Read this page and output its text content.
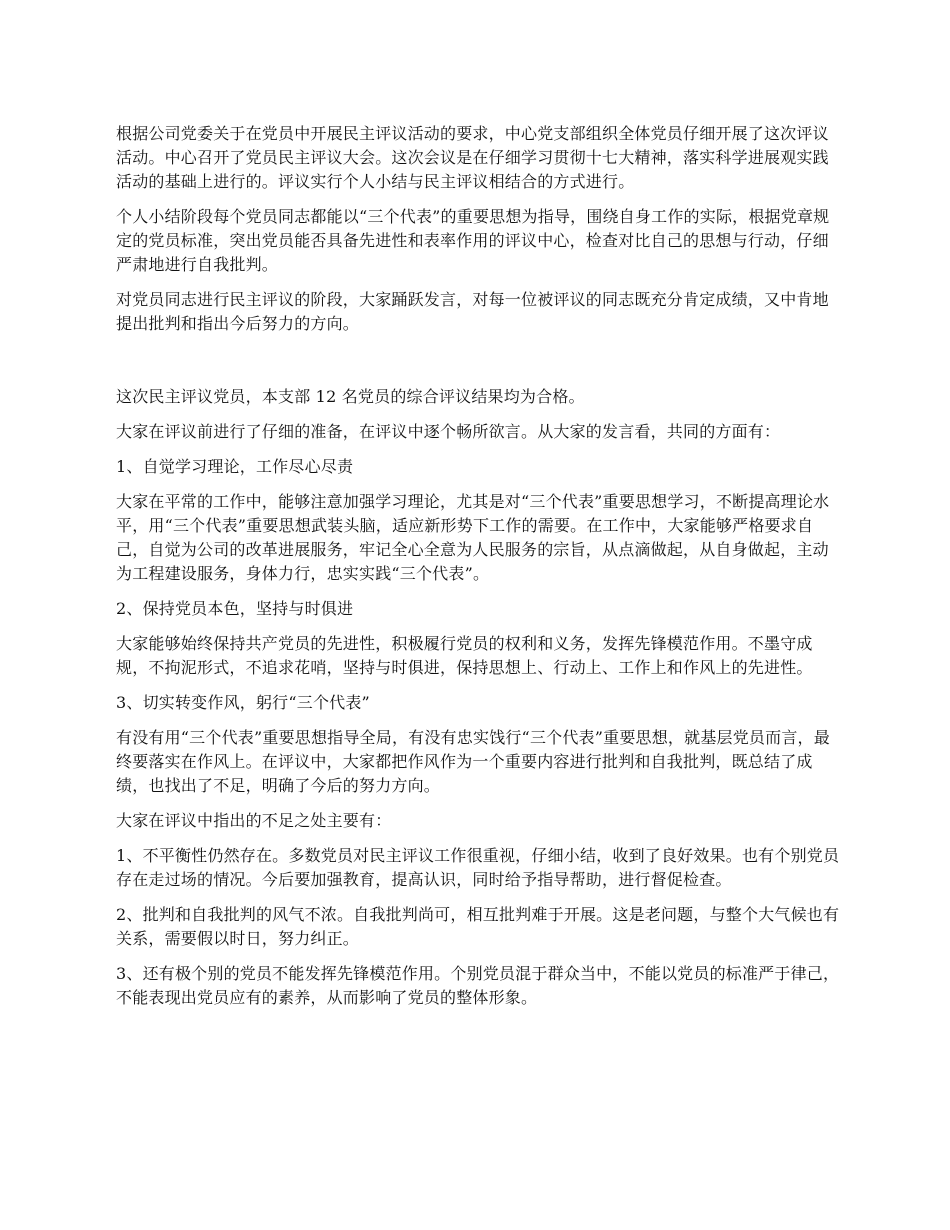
根据公司党委关于在党员中开展民主评议活动的要求，中心党支部组织全体党员仔细开展了这次评议活动。中心召开了党员民主评议大会。这次会议是在仔细学习贯彻十七大精神，落实科学进展观实践活动的基础上进行的。评议实行个人小结与民主评议相结合的方式进行。

个人小结阶段每个党员同志都能以“三个代表”的重要思想为指导，围绕自身工作的实际，根据党章规定的党员标准，突出党员能否具备先进性和表率作用的评议中心，检查对比自己的思想与行动，仔细严肃地进行自我批判。

对党员同志进行民主评议的阶段，大家踊跃发言，对每一位被评议的同志既充分肯定成绩，又中肯地提出批判和指出今后努力的方向。

这次民主评议党员，本支部 12 名党员的综合评议结果均为合格。

大家在评议前进行了仔细的准备，在评议中逐个畅所欲言。从大家的发言看，共同的方面有：

1、自觉学习理论，工作尽心尽责

大家在平常的工作中，能够注意加强学习理论，尤其是对“三个代表”重要思想学习，不断提高理论水平，用“三个代表”重要思想武装头脑，适应新形势下工作的需要。在工作中，大家能够严格要求自己，自觉为公司的改革进展服务，牢记全心全意为人民服务的宗旨，从点滴做起，从自身做起，主动为工程建设服务，身体力行，忠实实践“三个代表”。

2、保持党员本色，坚持与时俱进

大家能够始终保持共产党员的先进性，积极履行党员的权利和义务，发挥先锋模范作用。不墨守成规，不拘泥形式，不追求花哨，坚持与时俱进，保持思想上、行动上、工作上和作风上的先进性。

3、切实转变作风，躬行“三个代表”

有没有用“三个代表”重要思想指导全局，有没有忠实饯行“三个代表”重要思想，就基层党员而言，最终要落实在作风上。在评议中，大家都把作风作为一个重要内容进行批判和自我批判，既总结了成绩，也找出了不足，明确了今后的努力方向。

大家在评议中指出的不足之处主要有：

1、不平衡性仍然存在。多数党员对民主评议工作很重视，仔细小结，收到了良好效果。也有个别党员存在走过场的情况。今后要加强教育，提高认识，同时给予指导帮助，进行督促检查。

2、批判和自我批判的风气不浓。自我批判尚可，相互批判难于开展。这是老问题，与整个大气候也有关系，需要假以时日，努力纠正。

3、还有极个别的党员不能发挥先锋模范作用。个别党员混于群众当中，不能以党员的标准严于律己，不能表现出党员应有的素养，从而影响了党员的整体形象。
